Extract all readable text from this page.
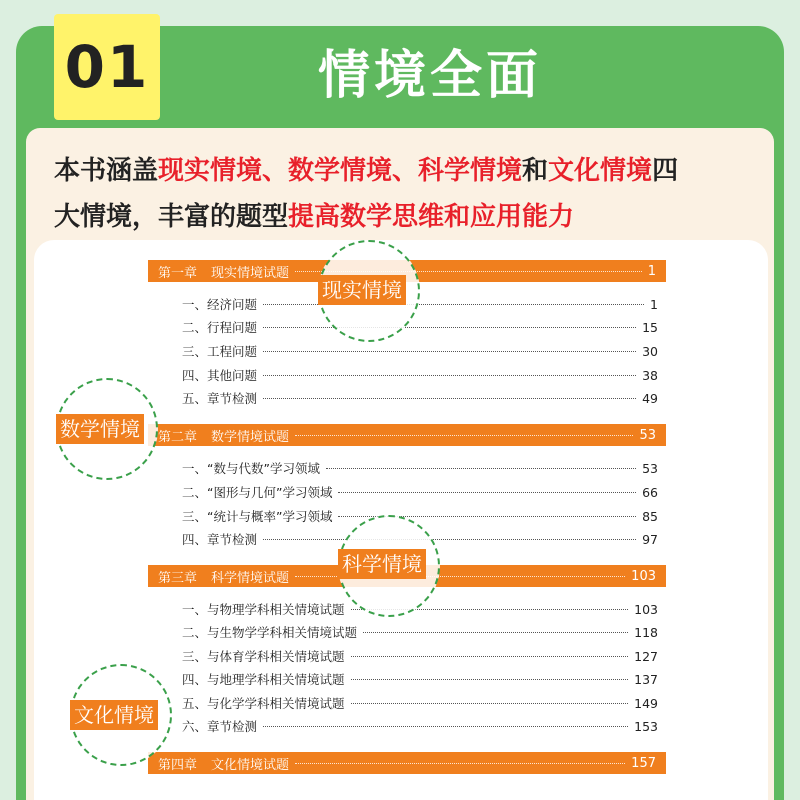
01	情境全面
本书涵盖现实情境、数学情境、科学情境和文化情境四
大情境，丰富的题型提高数学思维和应用能力
第一章 现实情境试题	1
一、经济问题	1
二、行程问题	15
三、工程问题	30
四、其他问题	38
五、章节检测	49
第二章 数学情境试题	53
一、“数与代数”学习领域	53
二、“图形与几何”学习领域	66
三、“统计与概率”学习领域	85
四、章节检测	97
第三章 科学情境试题	103
一、与物理学科相关情境试题	103
二、与生物学学科相关情境试题	118
三、与体育学科相关情境试题	127
四、与地理学科相关情境试题	137
五、与化学学科相关情境试题	149
六、章节检测	153
第四章 文化情境试题	157
现实情境
数学情境
科学情境
文化情境
